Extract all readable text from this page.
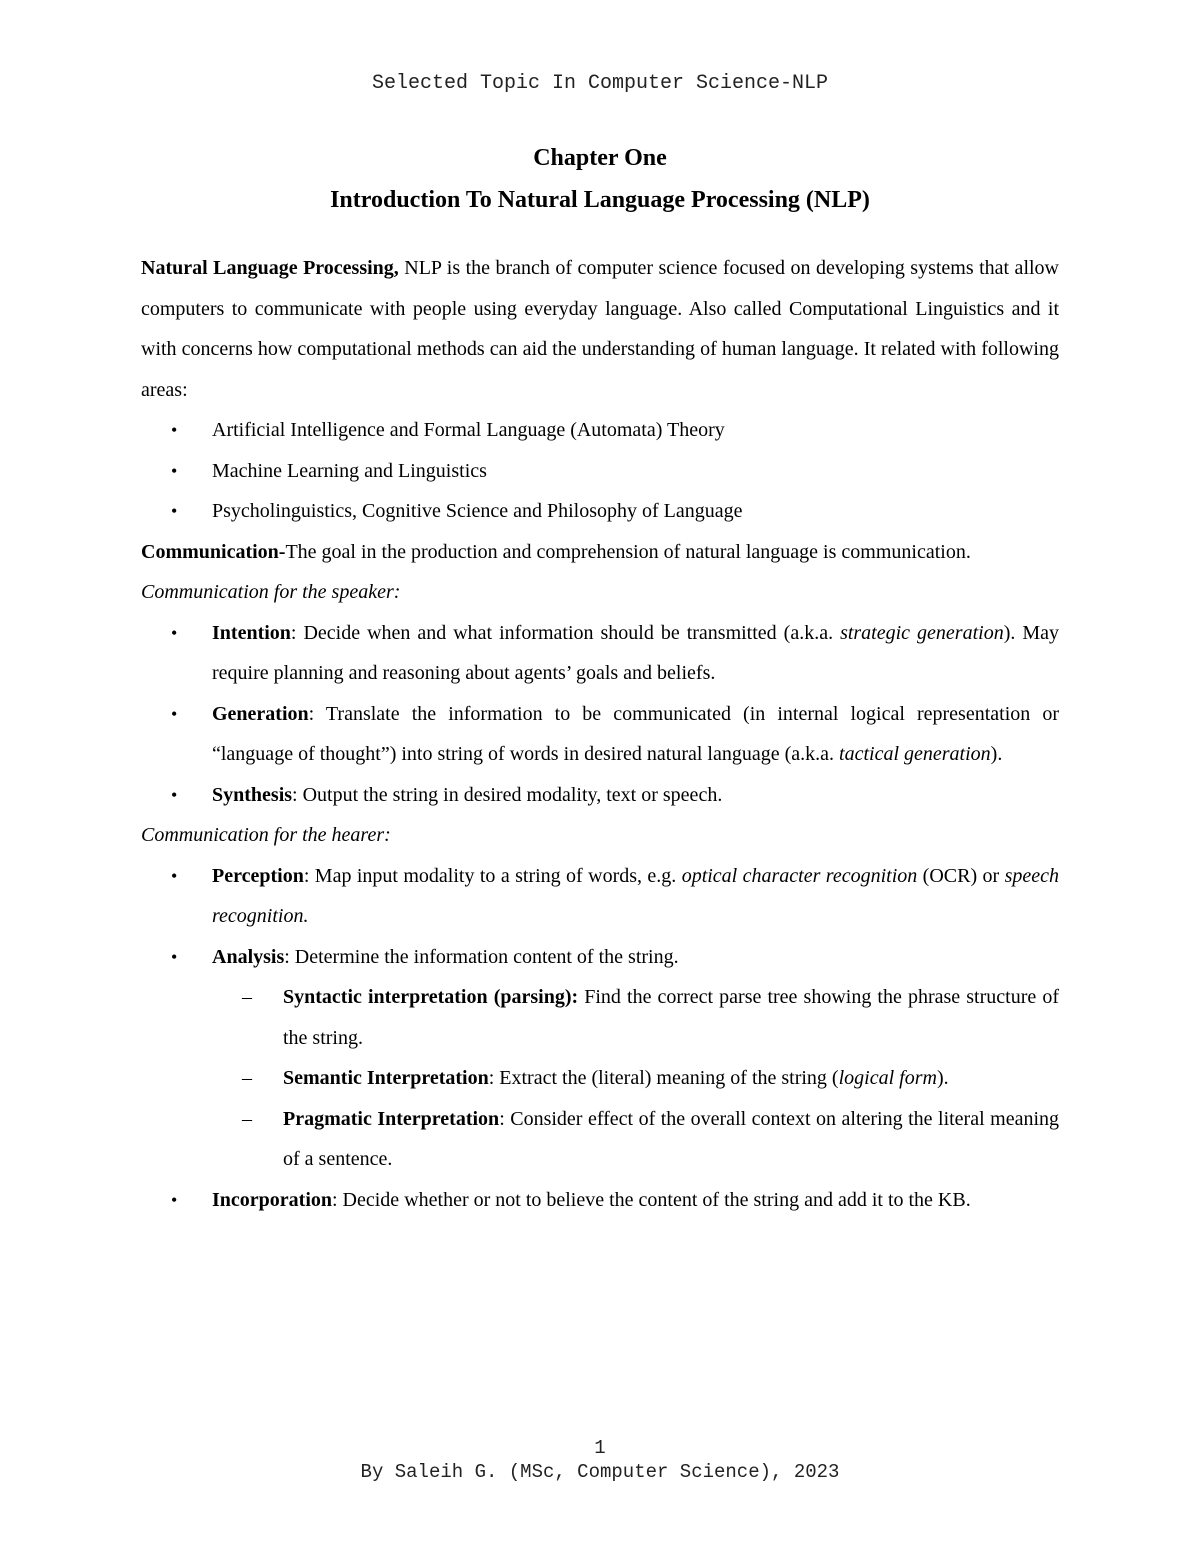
Selected Topic In Computer Science-NLP
Chapter One
Introduction To Natural Language Processing (NLP)

Natural Language Processing, NLP is the branch of computer science focused on developing systems that allow computers to communicate with people using everyday language. Also called Computational Linguistics and it with concerns how computational methods can aid the understanding of human language. It related with following areas:

•	Artificial Intelligence and Formal Language (Automata) Theory
•	Machine Learning and Linguistics
•	Psycholinguistics, Cognitive Science and Philosophy of Language

Communication-The goal in the production and comprehension of natural language is communication.

Communication for the speaker:

•	Intention: Decide when and what information should be transmitted (a.k.a. strategic generation). May require planning and reasoning about agents’ goals and beliefs.
•	Generation: Translate the information to be communicated (in internal logical representation or “language of thought”) into string of words in desired natural language (a.k.a. tactical generation).
•	Synthesis: Output the string in desired modality, text or speech.

Communication for the hearer:

•	Perception: Map input modality to a string of words, e.g. optical character recognition (OCR) or speech recognition.
•	Analysis: Determine the information content of the string.
– Syntactic interpretation (parsing): Find the correct parse tree showing the phrase structure of the string.
– Semantic Interpretation: Extract the (literal) meaning of the string (logical form).
– Pragmatic Interpretation: Consider effect of the overall context on altering the literal meaning of a sentence.
•	Incorporation: Decide whether or not to believe the content of the string and add it to the KB.
1
By Saleih G. (MSc, Computer Science), 2023
